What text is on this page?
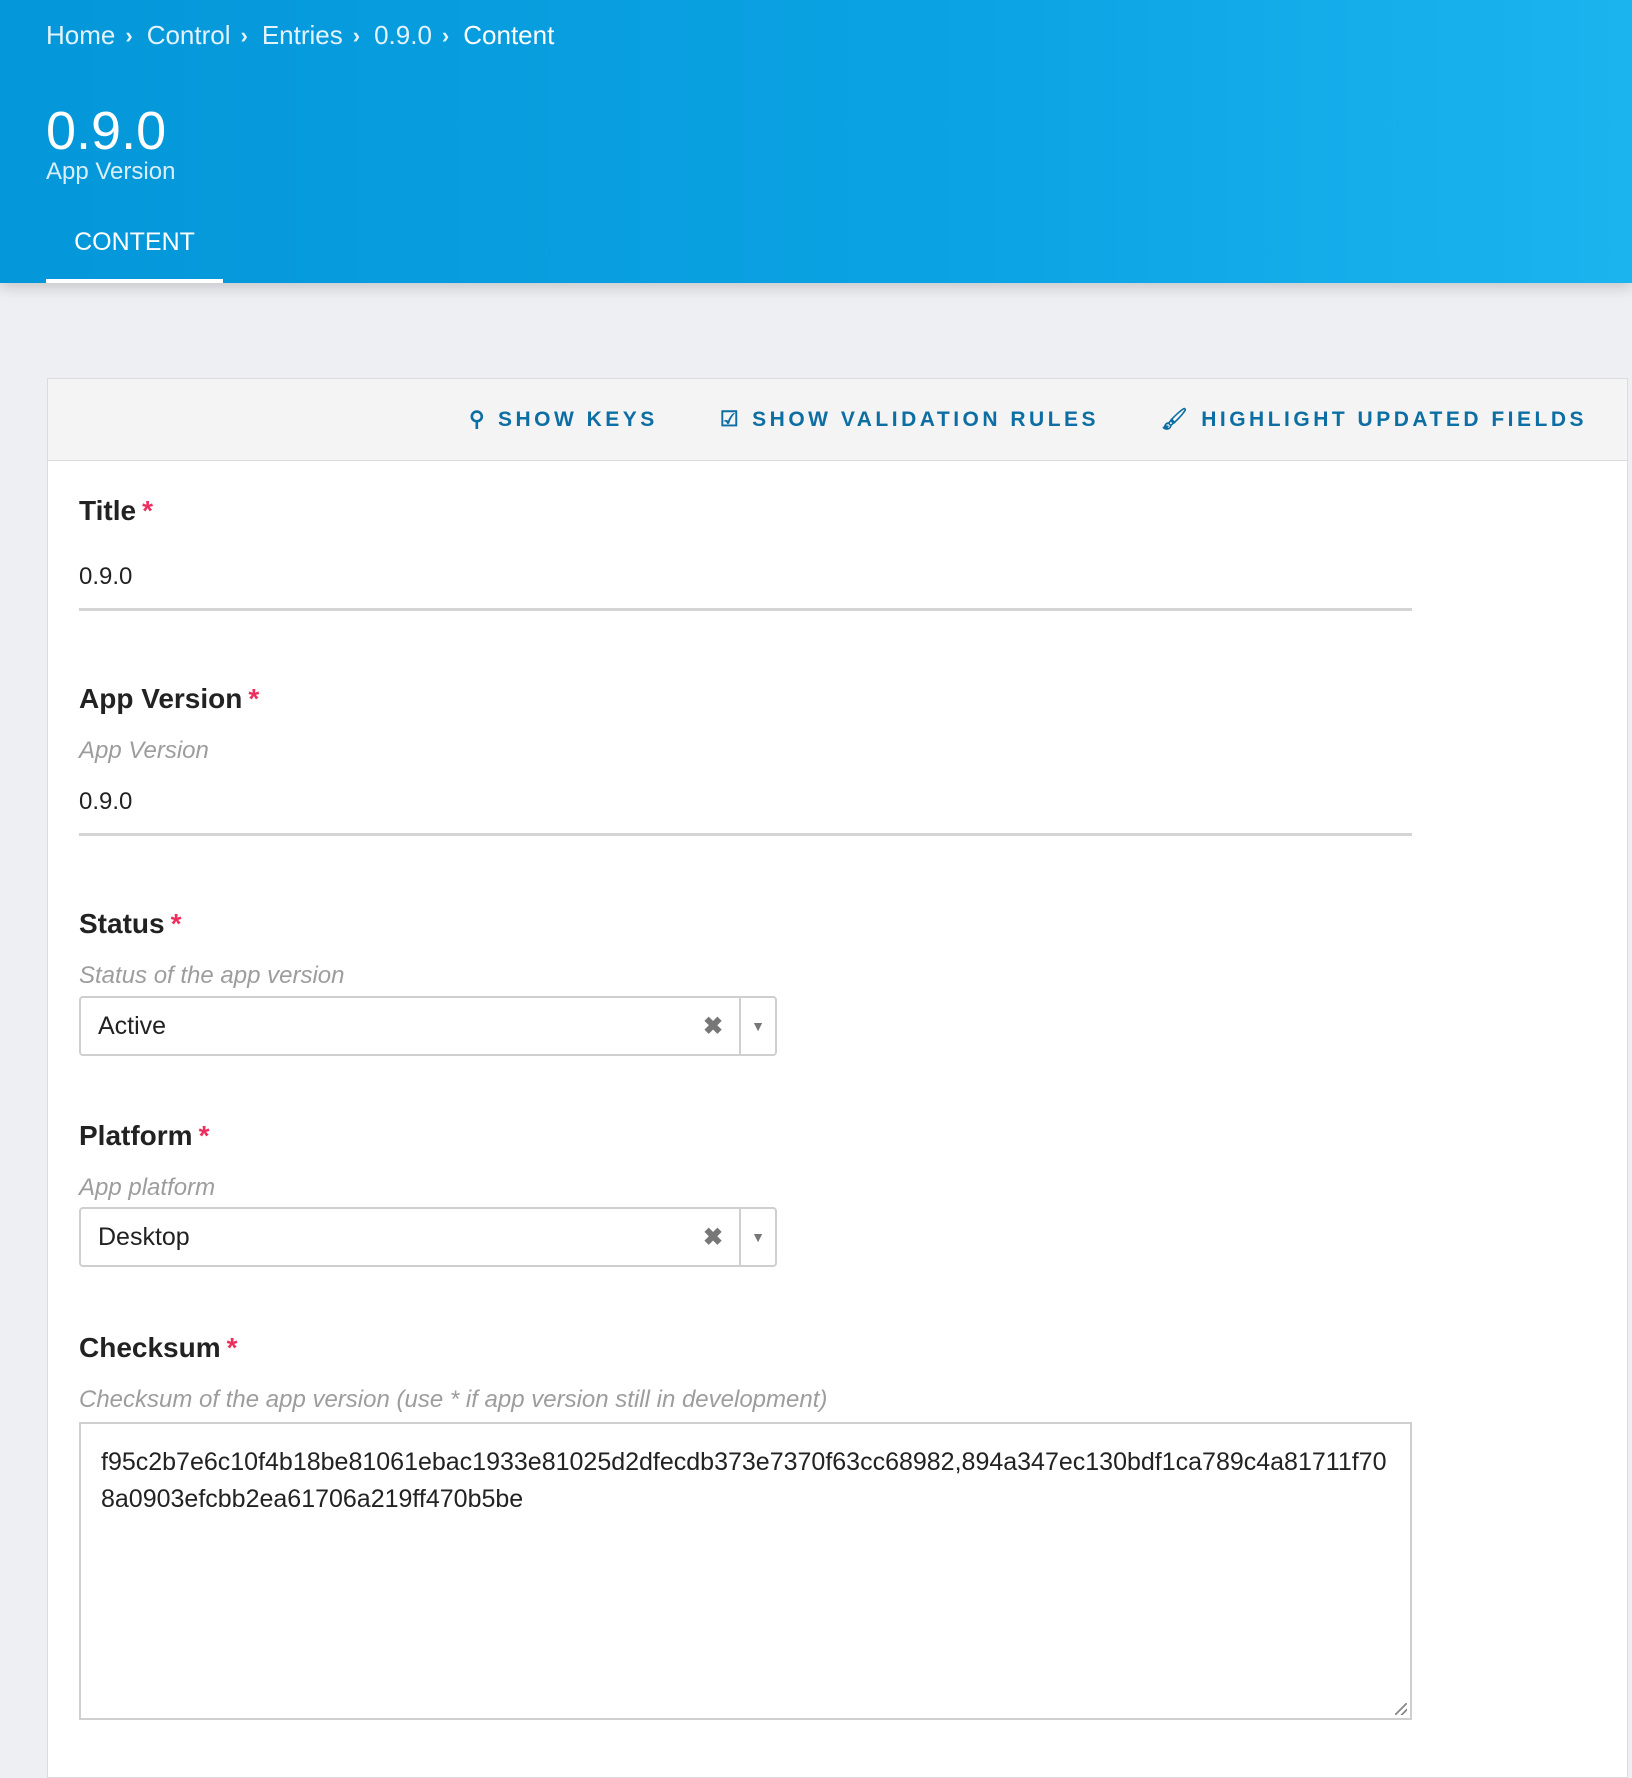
Home › Control › Entries › 0.9.0 › Content
0.9.0
App Version
CONTENT
⚲ SHOW KEYS	☑ SHOW VALIDATION RULES	🖌 HIGHLIGHT UPDATED FIELDS
Title *
0.9.0
App Version *
App Version
0.9.0
Status *
Status of the app version
Active	✖	▼
Platform *
App platform
Desktop	✖	▼
Checksum *
Checksum of the app version (use * if app version still in development)
f95c2b7e6c10f4b18be81061ebac1933e81025d2dfecdb373e7370f63cc68982,894a347ec130bdf1ca789c4a81711f708a0903efcbb2ea61706a219ff470b5be
